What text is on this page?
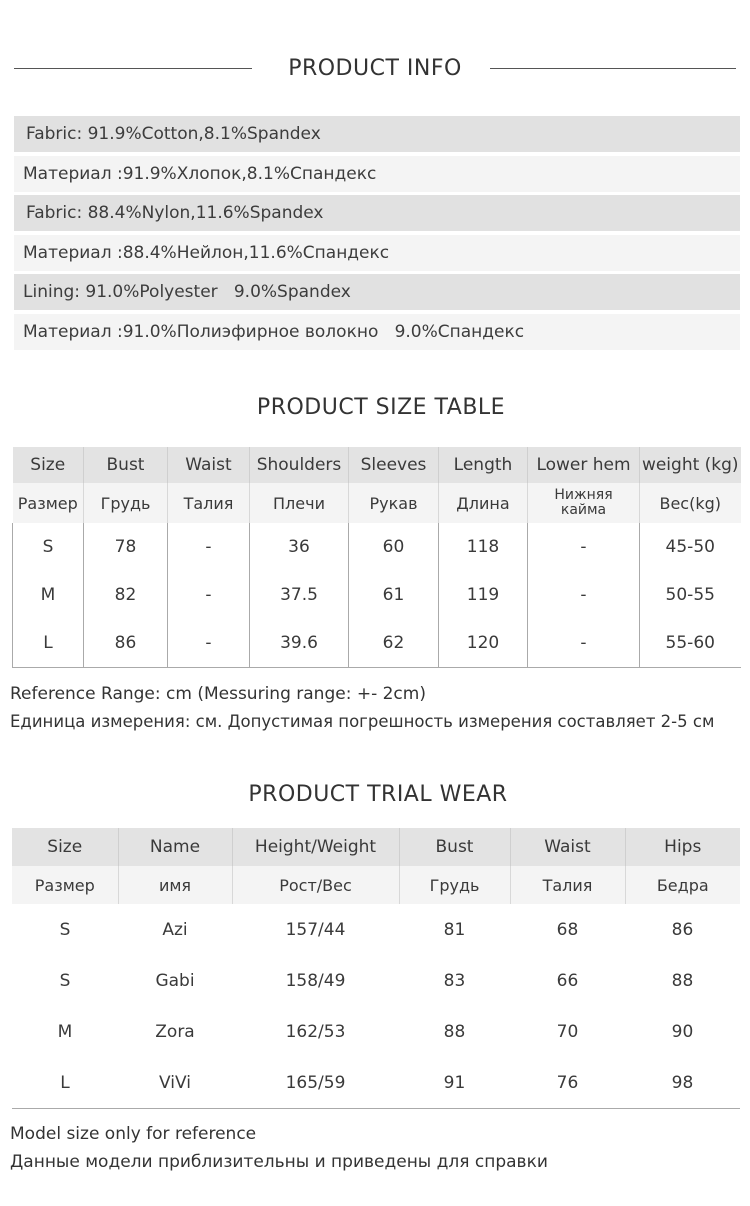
PRODUCT INFO
Fabric: 91.9%Cotton,8.1%Spandex
Материал :91.9%Хлопок,8.1%Спандекс
Fabric: 88.4%Nylon,11.6%Spandex
Материал :88.4%Нейлон,11.6%Спандекс
Lining: 91.0%Polyester   9.0%Spandex
Материал :91.0%Полиэфирное волокно   9.0%Спандекс
PRODUCT SIZE TABLE
Size	Bust	Waist	Shoulders	Sleeves	Length	Lower hem	weight (kg)
Размер	Грудь	Талия	Плечи	Рукав	Длина	Нижняя кайма	Вес(kg)
S	78	-	36	60	118	-	45-50
M	82	-	37.5	61	119	-	50-55
L	86	-	39.6	62	120	-	55-60
Reference Range: cm (Messuring range: +- 2cm)
Единица измерения: см. Допустимая погрешность измерения составляет 2-5 см
PRODUCT TRIAL WEAR
Size	Name	Height/Weight	Bust	Waist	Hips
Размер	имя	Рост/Вес	Грудь	Талия	Бедра
S	Azi	157/44	81	68	86
S	Gabi	158/49	83	66	88
M	Zora	162/53	88	70	90
L	ViVi	165/59	91	76	98
Model size only for reference
Данные модели приблизительны и приведены для справки
